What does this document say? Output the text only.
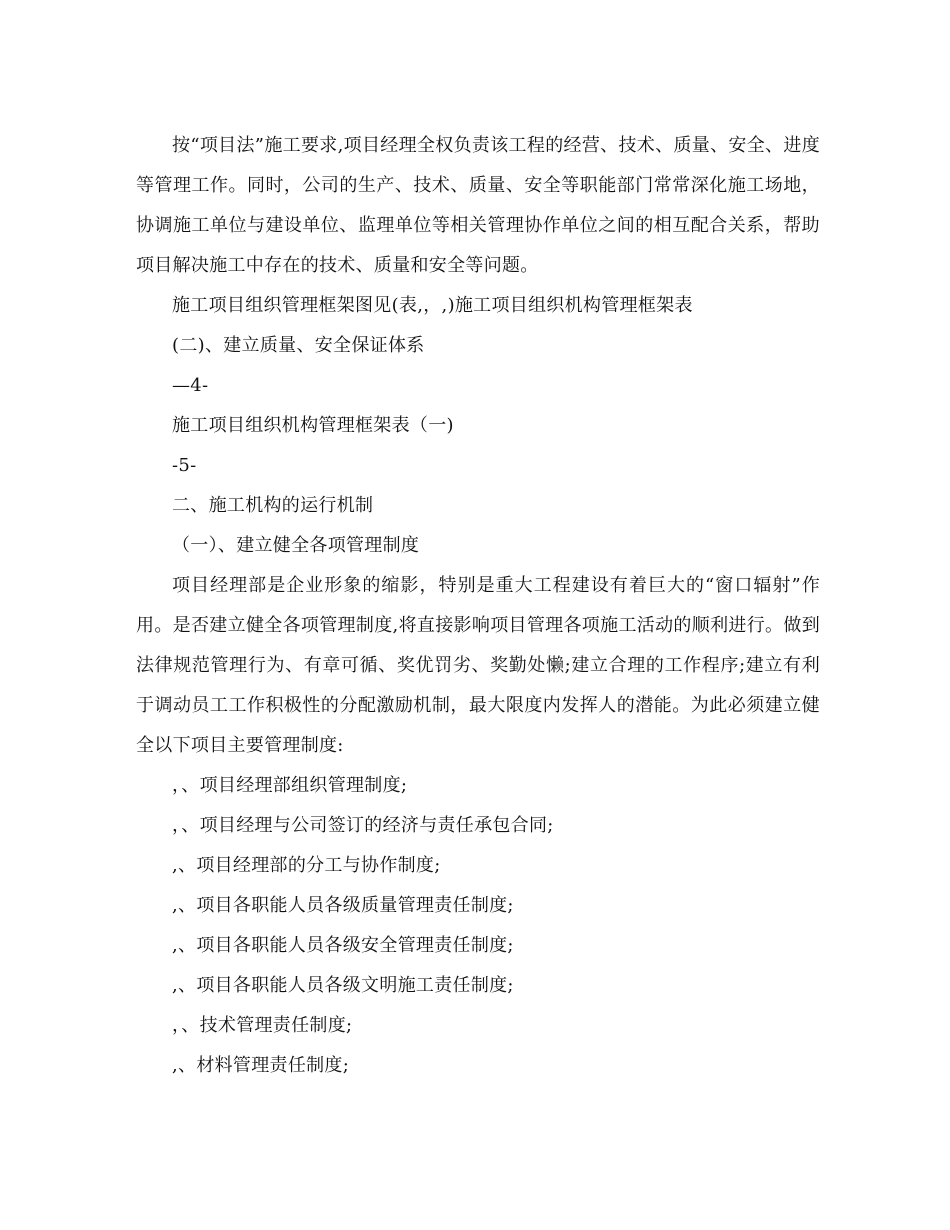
按“项目法”施工要求,项目经理全权负责该工程的经营、技术、质量、安全、进度等管理工作。同时，公司的生产、技术、质量、安全等职能部门常常深化施工场地，协调施工单位与建设单位、监理单位等相关管理协作单位之间的相互配合关系，帮助项目解决施工中存在的技术、质量和安全等问题。

施工项目组织管理框架图见(表,，,)施工项目组织机构管理框架表

(二)、建立质量、安全保证体系

—4-

施工项目组织机构管理框架表（一)

-5-

二、施工机构的运行机制

（一）、建立健全各项管理制度

项目经理部是企业形象的缩影，特别是重大工程建设有着巨大的“窗口辐射”作用。是否建立健全各项管理制度,将直接影响项目管理各项施工活动的顺利进行。做到法律规范管理行为、有章可循、奖优罚劣、奖勤处懒;建立合理的工作程序;建立有利于调动员工工作积极性的分配激励机制，最大限度内发挥人的潜能。为此必须建立健全以下项目主要管理制度:

，、项目经理部组织管理制度;

，、项目经理与公司签订的经济与责任承包合同;

,、项目经理部的分工与协作制度;

,、项目各职能人员各级质量管理责任制度;

,、项目各职能人员各级安全管理责任制度;

,、项目各职能人员各级文明施工责任制度;

，、技术管理责任制度;

,、材料管理责任制度;
